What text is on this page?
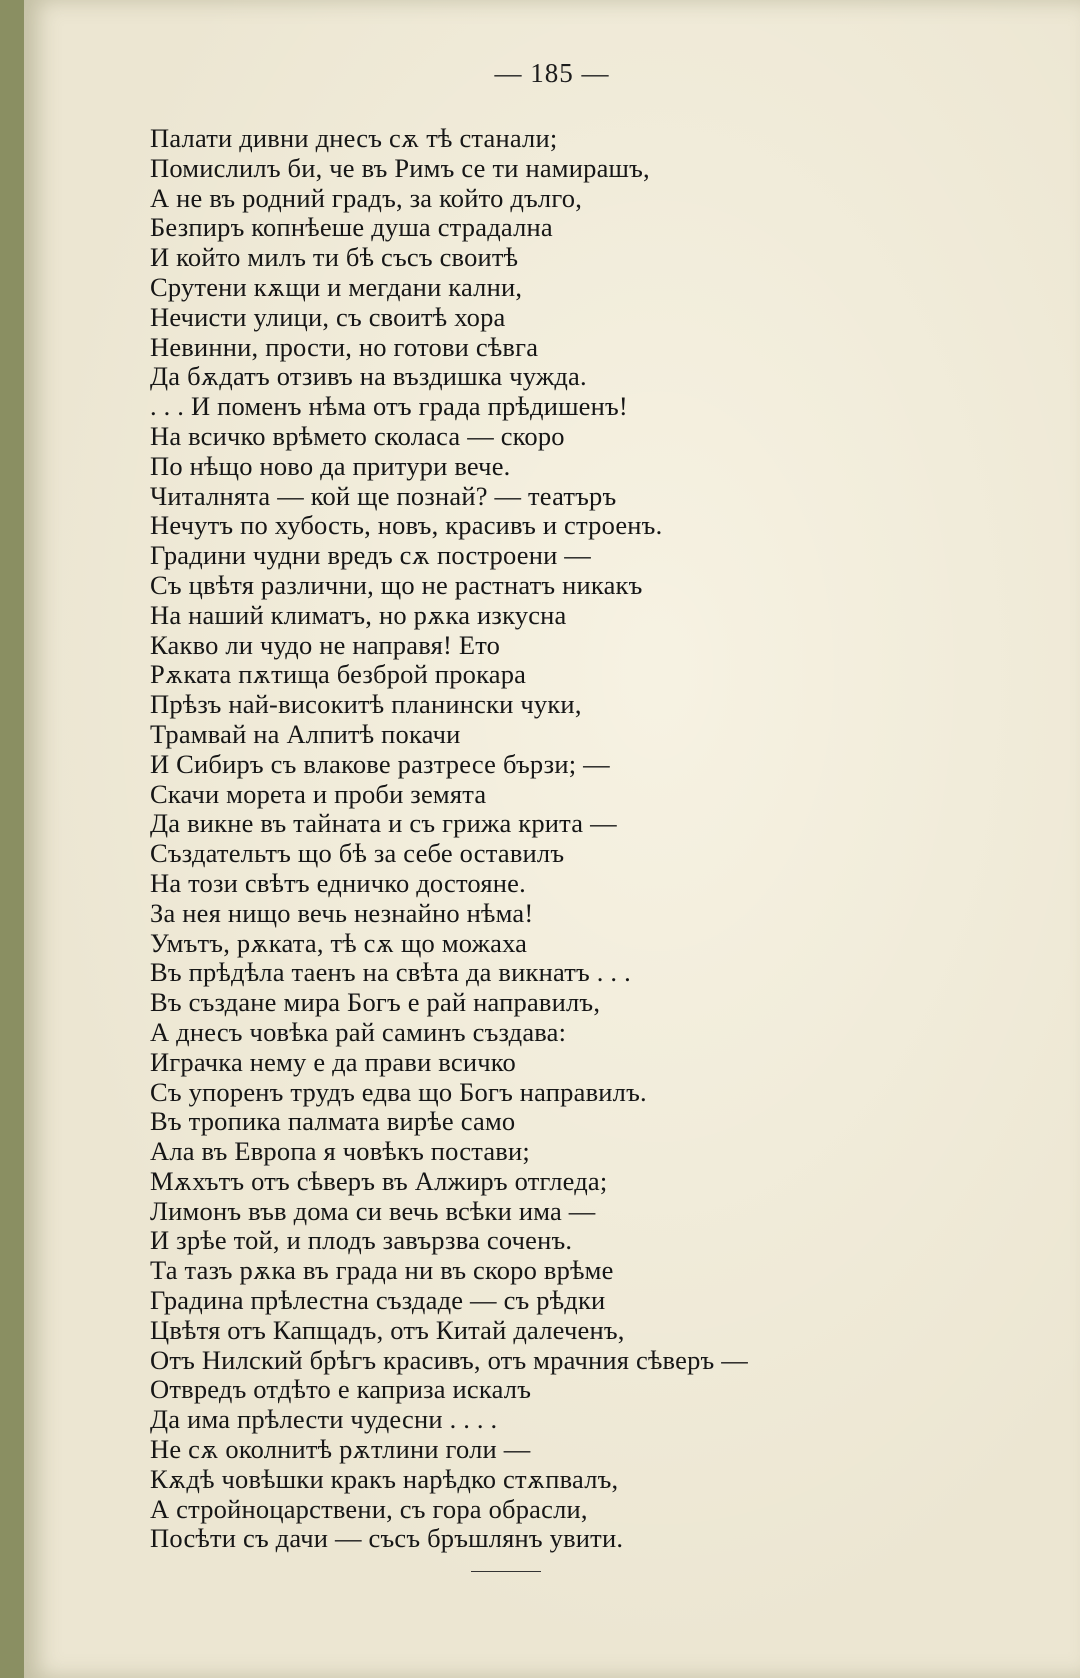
— 185 —
Палати дивни днесъ сѫ тѣ станали;
Помислилъ би, че въ Римъ се ти намирашъ,
А не въ родний градъ, за който дълго,
Безпиръ копнѣеше душа страдална
И който милъ ти бѣ съсъ своитѣ
Срутени кѫщи и мегдани кални,
Нечисти улици, съ своитѣ хора
Невинни, прости, но готови сѣвга
Да бѫдатъ отзивъ на въздишка чужда.
. . . И поменъ нѣма отъ града прѣдишенъ!
На всичко врѣмето сколаса — скоро
По нѣщо ново да притури вече.
Читалнята — кой ще познай? — театъръ
Нечутъ по хубость, новъ, красивъ и строенъ.
Градини чудни вредъ сѫ построени —
Съ цвѣтя различни, що не растнатъ никакъ
На наший климатъ, но рѫка изкусна
Какво ли чудо не направя! Ето
Рѫката пѫтища безброй прокара
Прѣзъ най-високитѣ планински чуки,
Трамвай на Алпитѣ покачи
И Сибиръ съ влакове разтресе бързи; —
Скачи морета и проби земята
Да викне въ тайната и съ грижа крита —
Създательтъ що бѣ за себе оставилъ
На този свѣтъ едничко достояне.
За нея нищо вечь незнайно нѣма!
Умътъ, рѫката, тѣ сѫ що можаха
Въ прѣдѣла таенъ на свѣта да викнатъ . . .
Въ създане мира Богъ е рай направилъ,
А днесъ човѣка рай саминъ създава:
Играчка нему е да прави всичко
Съ упоренъ трудъ едва що Богъ направилъ.
Въ тропика палмата вирѣе само
Ала въ Европа я човѣкъ постави;
Мѫхътъ отъ сѣверъ въ Алжиръ отгледа;
Лимонъ във дома си вечь всѣки има —
И зрѣе той, и плодъ завързва соченъ.
Та тазъ рѫка въ града ни въ скоро врѣме
Градина прѣлестна създаде — съ рѣдки
Цвѣтя отъ Капщадъ, отъ Китай далеченъ,
Отъ Нилский брѣгъ красивъ, отъ мрачния сѣверъ —
Отвредъ отдѣто е каприза искалъ
Да има прѣлести чудесни . . . .
Не сѫ околнитѣ рѫтлини голи —
Кѫдѣ човѣшки кракъ нарѣдко стѫпвалъ,
А стройноцарствени, съ гора обрасли,
Посѣти съ дачи — съсъ бръшлянъ увити.
